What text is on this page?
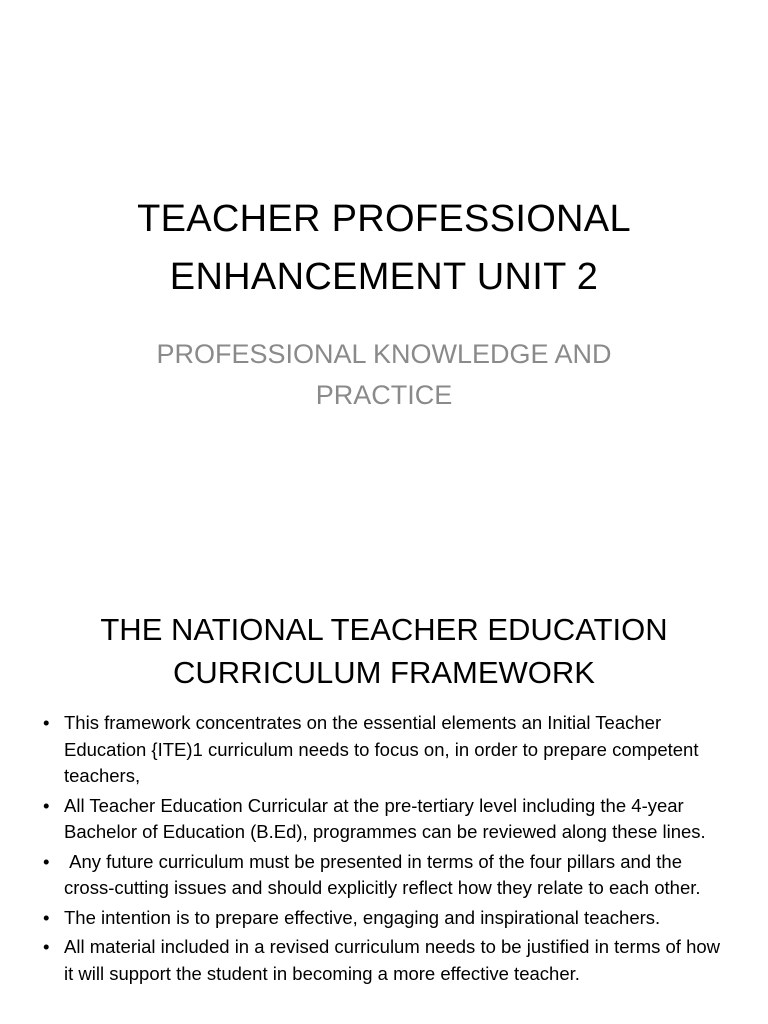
TEACHER PROFESSIONAL
ENHANCEMENT UNIT 2
PROFESSIONAL KNOWLEDGE AND
PRACTICE
THE NATIONAL TEACHER EDUCATION
CURRICULUM FRAMEWORK
• This framework concentrates on the essential elements an Initial Teacher Education {ITE)1 curriculum needs to focus on, in order to prepare competent teachers,
• All Teacher Education Curricular at the pre-tertiary level including the 4-year Bachelor of Education (B.Ed), programmes can be reviewed along these lines.
• Any future curriculum must be presented in terms of the four pillars and the cross-cutting issues and should explicitly reflect how they relate to each other.
• The intention is to prepare effective, engaging and inspirational teachers.
• All material included in a revised curriculum needs to be justified in terms of how it will support the student in becoming a more effective teacher.
